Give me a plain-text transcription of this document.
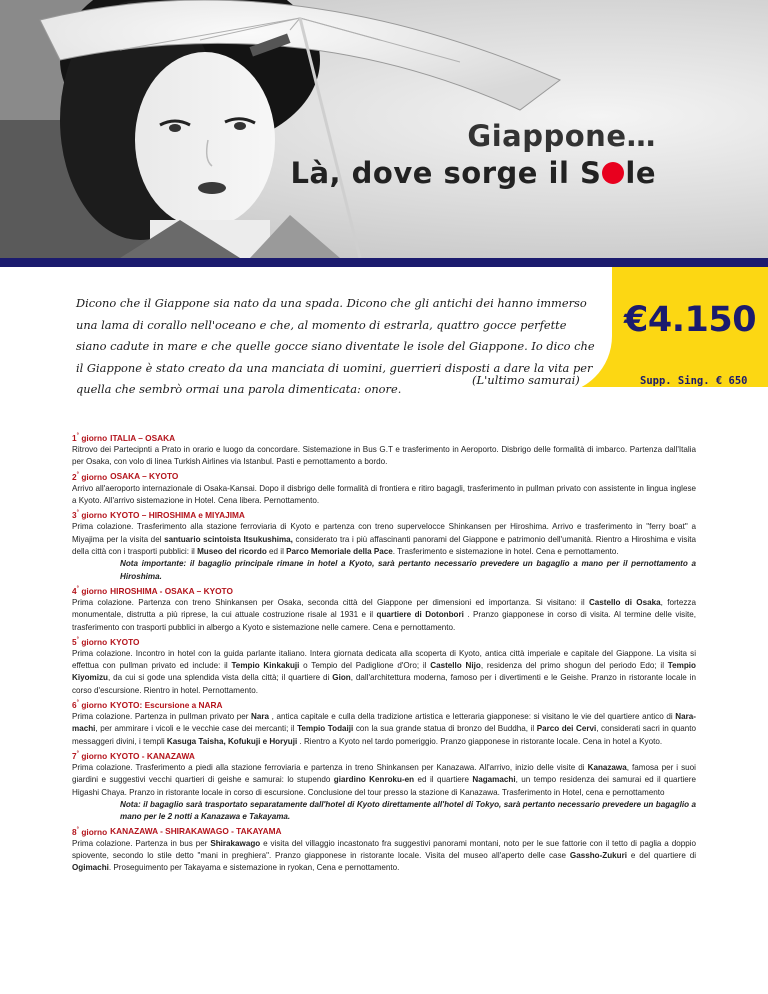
Giappone…
Là, dove sorge il S le

Dicono che il Giappone sia nato da una spada. Dicono che gli antichi dei hanno immerso una lama di corallo nell'oceano e che, al momento di estrarla, quattro gocce perfette siano cadute in mare e che quelle gocce siano diventate le isole del Giappone. Io dico che il Giappone è stato creato da una manciata di uomini, guerrieri disposti a dare la vita per quella che sembrò ormai una parola dimenticata: onore.

(L'ultimo samurai)
€4.150
Supp. Sing. € 650
1° giorno ITALIA – OSAKA

Ritrovo dei Partecipnti a Prato in orario e luogo da concordare. Sistemazione in Bus G.T e trasferimento in Aeroporto. Disbrigo delle formalità di imbarco. Partenza dall'Italia per Osaka, con volo di linea Turkish Airlines via Istanbul. Pasti e pernottamento a bordo.

2° giorno OSAKA – KYOTO

Arrivo all'aeroporto internazionale di Osaka-Kansai. Dopo il disbrigo delle formalità di frontiera e ritiro bagagli, trasferimento in pullman privato con assistente in lingua inglese a Kyoto. All'arrivo sistemazione in Hotel. Cena libera. Pernottamento.

3° giorno KYOTO – HIROSHIMA e MIYAJIMA

Prima colazione. Trasferimento alla stazione ferroviaria di Kyoto e partenza con treno supervelocce Shinkansen per Hiroshima. Arrivo e trasferimento in "ferry boat" a Miyajima per la visita del santuario scintoista Itsukushima, considerato tra i più affascinanti panorami del Giappone e patrimonio dell'umanità. Rientro a Hiroshima e visita della città con i trasporti pubblici: il Museo del ricordo ed il Parco Memoriale della Pace. Trasferimento e sistemazione in hotel. Cena e pernottamento.

Nota importante: il bagaglio principale rimane in hotel a Kyoto, sarà pertanto necessario prevedere un bagaglio a mano per il pernottamento a Hiroshima.

4° giorno HIROSHIMA - OSAKA – KYOTO

Prima colazione. Partenza con treno Shinkansen per Osaka, seconda città del Giappone per dimensioni ed importanza. Si visitano: il Castello di Osaka, fortezza monumentale, distrutta a più riprese, la cui attuale costruzione risale al 1931 e il quartiere di Dotonbori . Pranzo giapponese in corso di visita. Al termine delle visite, trasferimento con trasporti pubblici in albergo a Kyoto e sistemazione nelle camere. Cena e pernottamento.

5° giorno KYOTO

Prima colazione. Incontro in hotel con la guida parlante italiano. Intera giornata dedicata alla scoperta di Kyoto, antica città imperiale e capitale del Giappone. La visita si effettua con pullman privato ed include: il Tempio Kinkakuji o Tempio del Padiglione d'Oro; il Castello Nijo, residenza del primo shogun del periodo Edo; il Tempio Kiyomizu, da cui si gode una splendida vista della città; il quartiere di Gion, dall'architettura moderna, famoso per i divertimenti e le Geishe. Pranzo in ristorante locale in corso d'escursione. Rientro in hotel. Pernottamento.

6° giorno KYOTO: Escursione a NARA

Prima colazione. Partenza in pullman privato per Nara , antica capitale e culla della tradizione artistica e letteraria giapponese: si visitano le vie del quartiere antico di Nara-machi, per ammirare i vicoli e le vecchie case dei mercanti; il Tempio Todaiji con la sua grande statua di bronzo del Buddha, il Parco dei Cervi, considerati sacri in quanto messaggeri divini, i templi Kasuga Taisha, Kofukuji e Horyuji . Rientro a Kyoto nel tardo pomeriggio. Pranzo giapponese in ristorante locale. Cena in hotel a Kyoto.

7° giorno KYOTO - KANAZAWA

Prima colazione. Trasferimento a piedi alla stazione ferroviaria e partenza in treno Shinkansen per Kanazawa. All'arrivo, inizio delle visite di Kanazawa, famosa per i suoi giardini e suggestivi vecchi quartieri di geishe e samurai: lo stupendo giardino Kenroku-en ed il quartiere Nagamachi, un tempo residenza dei samurai ed il quartiere Higashi Chaya. Pranzo in ristorante locale in corso di escursione. Conclusione del tour presso la stazione di Kanazawa. Trasferimento in Hotel, cena e pernottamento

Nota: il bagaglio sarà trasportato separatamente dall'hotel di Kyoto direttamente all'hotel di Tokyo, sarà pertanto necessario prevedere un bagaglio a mano per le 2 notti a Kanazawa e Takayama.

8° giorno KANAZAWA - SHIRAKAWAGO - TAKAYAMA

Prima colazione. Partenza in bus per Shirakawago e visita del villaggio incastonato fra suggestivi panorami montani, noto per le sue fattorie con il tetto di paglia a doppio spiovente, secondo lo stile detto "mani in preghiera". Pranzo giapponese in ristorante locale. Visita del museo all'aperto delle case Gassho-Zukuri e del quartiere di Ogimachi. Proseguimento per Takayama e sistemazione in ryokan, Cena e pernottamento.
